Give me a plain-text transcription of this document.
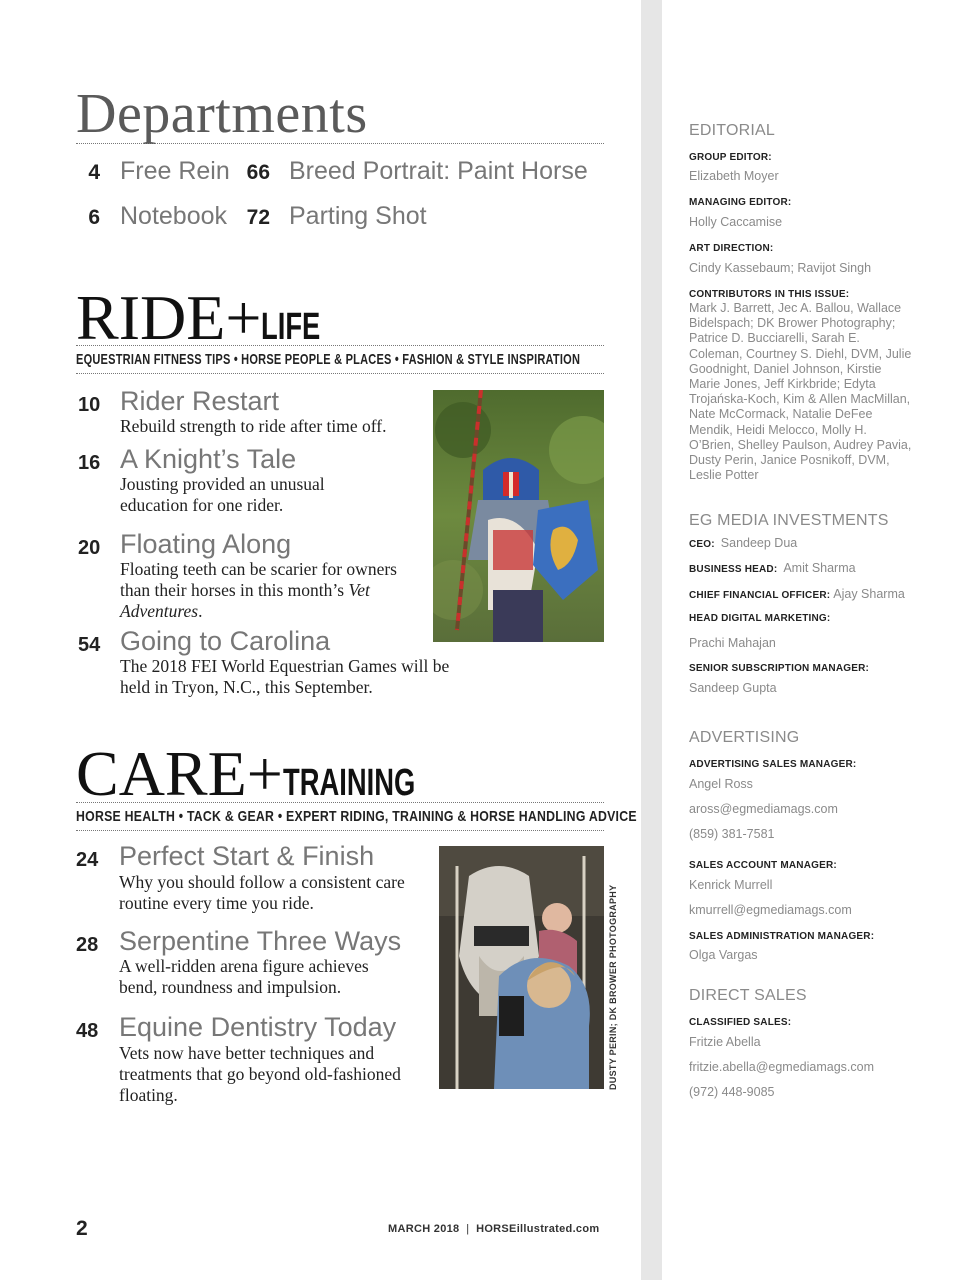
Departments
4 Free Rein 66 Breed Portrait: Paint Horse
6 Notebook 72 Parting Shot
RIDE+LIFE
EQUESTRIAN FITNESS TIPS • HORSE PEOPLE & PLACES • FASHION & STYLE INSPIRATION
10 Rider Restart
Rebuild strength to ride after time off.
16 A Knight’s Tale
Jousting provided an unusual education for one rider.
20 Floating Along
Floating teeth can be scarier for owners than their horses in this month’s Vet Adventures.
54 Going to Carolina
The 2018 FEI World Equestrian Games will be held in Tryon, N.C., this September.
CARE+TRAINING
HORSE HEALTH • TACK & GEAR • EXPERT RIDING, TRAINING & HORSE HANDLING ADVICE
24 Perfect Start & Finish
Why you should follow a consistent care routine every time you ride.
28 Serpentine Three Ways
A well-ridden arena figure achieves bend, roundness and impulsion.
48 Equine Dentistry Today
Vets now have better techniques and treatments that go beyond old-fashioned floating.
DUSTY PERIN; DK BROWER PHOTOGRAPHY
2	MARCH 2018 | HORSEillustrated.com
EDITORIAL
GROUP EDITOR:
Elizabeth Moyer
MANAGING EDITOR:
Holly Caccamise
ART DIRECTION:
Cindy Kassebaum; Ravijot Singh
CONTRIBUTORS IN THIS ISSUE:
Mark J. Barrett, Jec A. Ballou, Wallace Bidelspach; DK Brower Photography; Patrice D. Bucciarelli, Sarah E. Coleman, Courtney S. Diehl, DVM, Julie Goodnight, Daniel Johnson, Kirstie Marie Jones, Jeff Kirkbride; Edyta Trojańska-Koch, Kim & Allen MacMillan, Nate McCormack, Natalie DeFee Mendik, Heidi Melocco, Molly H. O’Brien, Shelley Paulson, Audrey Pavia, Dusty Perin, Janice Posnikoff, DVM, Leslie Potter
EG MEDIA INVESTMENTS
CEO: Sandeep Dua
BUSINESS HEAD: Amit Sharma
CHIEF FINANCIAL OFFICER: Ajay Sharma
HEAD DIGITAL MARKETING:
Prachi Mahajan
SENIOR SUBSCRIPTION MANAGER:
Sandeep Gupta
ADVERTISING
ADVERTISING SALES MANAGER:
Angel Ross
aross@egmediamags.com
(859) 381-7581
SALES ACCOUNT MANAGER:
Kenrick Murrell
kmurrell@egmediamags.com
SALES ADMINISTRATION MANAGER:
Olga Vargas
DIRECT SALES
CLASSIFIED SALES:
Fritzie Abella
fritzie.abella@egmediamags.com
(972) 448-9085
